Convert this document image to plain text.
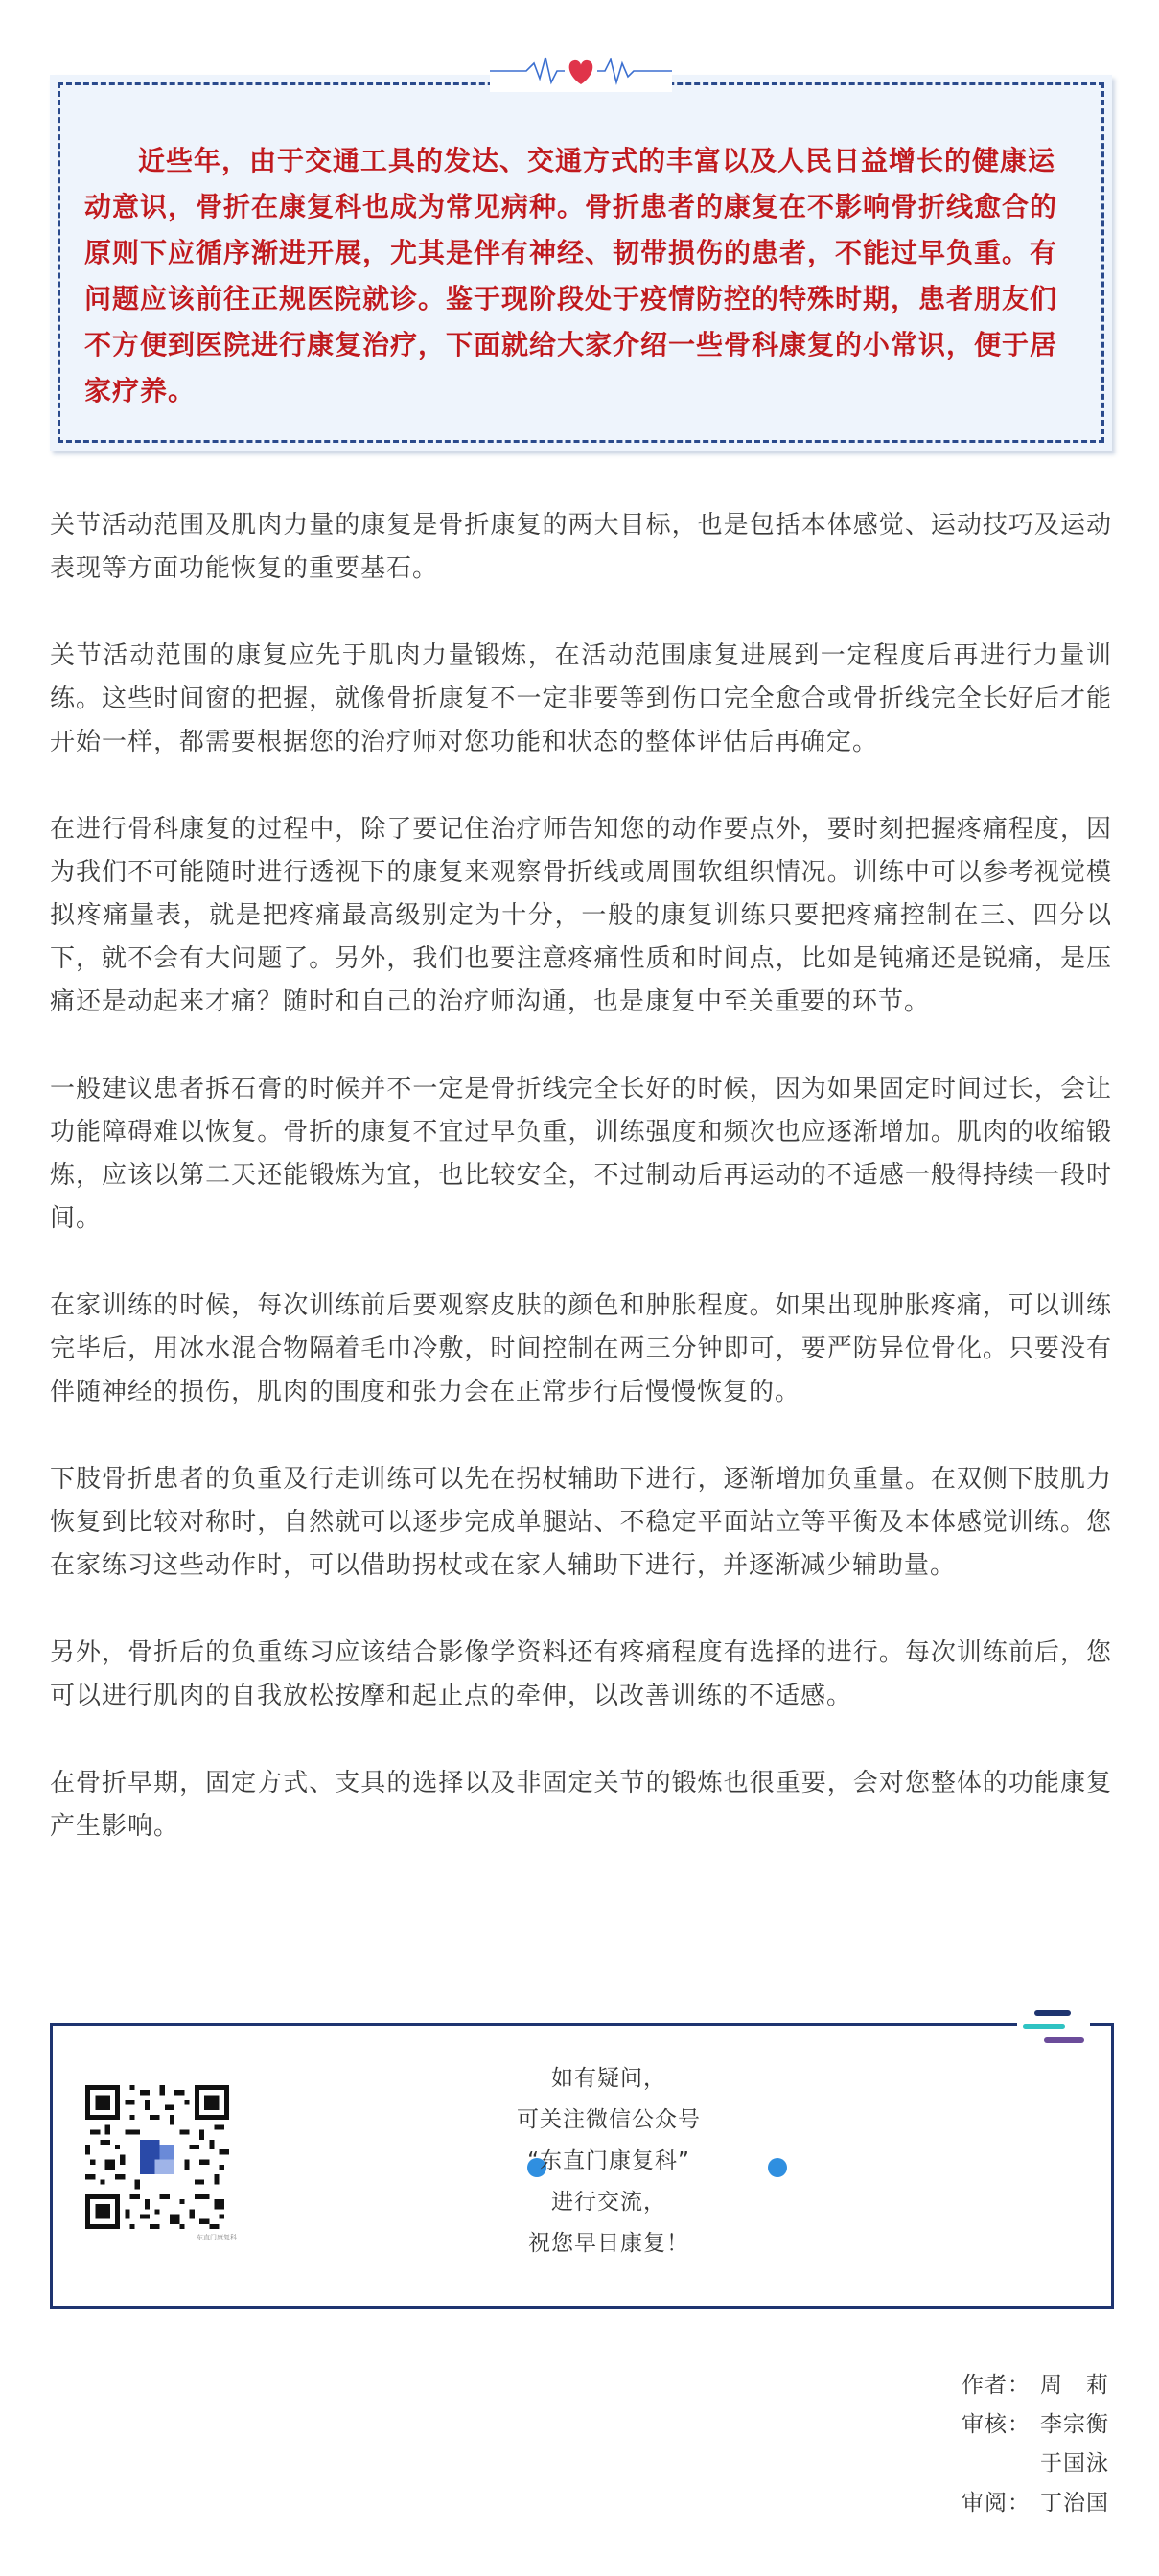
近些年，由于交通工具的发达、交通方式的丰富以及人民日益增长的健康运动意识，骨折在康复科也成为常见病种。骨折患者的康复在不影响骨折线愈合的原则下应循序渐进开展，尤其是伴有神经、韧带损伤的患者，不能过早负重。有问题应该前往正规医院就诊。鉴于现阶段处于疫情防控的特殊时期，患者朋友们不方便到医院进行康复治疗，下面就给大家介绍一些骨科康复的小常识，便于居家疗养。

关节活动范围及肌肉力量的康复是骨折康复的两大目标，也是包括本体感觉、运动技巧及运动表现等方面功能恢复的重要基石。

关节活动范围的康复应先于肌肉力量锻炼，在活动范围康复进展到一定程度后再进行力量训练。这些时间窗的把握，就像骨折康复不一定非要等到伤口完全愈合或骨折线完全长好后才能开始一样，都需要根据您的治疗师对您功能和状态的整体评估后再确定。

在进行骨科康复的过程中，除了要记住治疗师告知您的动作要点外，要时刻把握疼痛程度，因为我们不可能随时进行透视下的康复来观察骨折线或周围软组织情况。训练中可以参考视觉模拟疼痛量表，就是把疼痛最高级别定为十分，一般的康复训练只要把疼痛控制在三、四分以下，就不会有大问题了。另外，我们也要注意疼痛性质和时间点，比如是钝痛还是锐痛，是压痛还是动起来才痛？随时和自己的治疗师沟通，也是康复中至关重要的环节。

一般建议患者拆石膏的时候并不一定是骨折线完全长好的时候，因为如果固定时间过长，会让功能障碍难以恢复。骨折的康复不宜过早负重，训练强度和频次也应逐渐增加。肌肉的收缩锻炼，应该以第二天还能锻炼为宜，也比较安全，不过制动后再运动的不适感一般得持续一段时间。

在家训练的时候，每次训练前后要观察皮肤的颜色和肿胀程度。如果出现肿胀疼痛，可以训练完毕后，用冰水混合物隔着毛巾冷敷，时间控制在两三分钟即可，要严防异位骨化。只要没有伴随神经的损伤，肌肉的围度和张力会在正常步行后慢慢恢复的。

下肢骨折患者的负重及行走训练可以先在拐杖辅助下进行，逐渐增加负重量。在双侧下肢肌力恢复到比较对称时，自然就可以逐步完成单腿站、不稳定平面站立等平衡及本体感觉训练。您在家练习这些动作时，可以借助拐杖或在家人辅助下进行，并逐渐减少辅助量。

另外，骨折后的负重练习应该结合影像学资料还有疼痛程度有选择的进行。每次训练前后，您可以进行肌肉的自我放松按摩和起止点的牵伸，以改善训练的不适感。

在骨折早期，固定方式、支具的选择以及非固定关节的锻炼也很重要，会对您整体的功能康复产生影响。

东直门康复科
如有疑问，
可关注微信公众号
“东直门康复科”
进行交流，
祝您早日康复！
作者： 周　莉
审核： 李宗衡
于国泳
审阅： 丁治国
